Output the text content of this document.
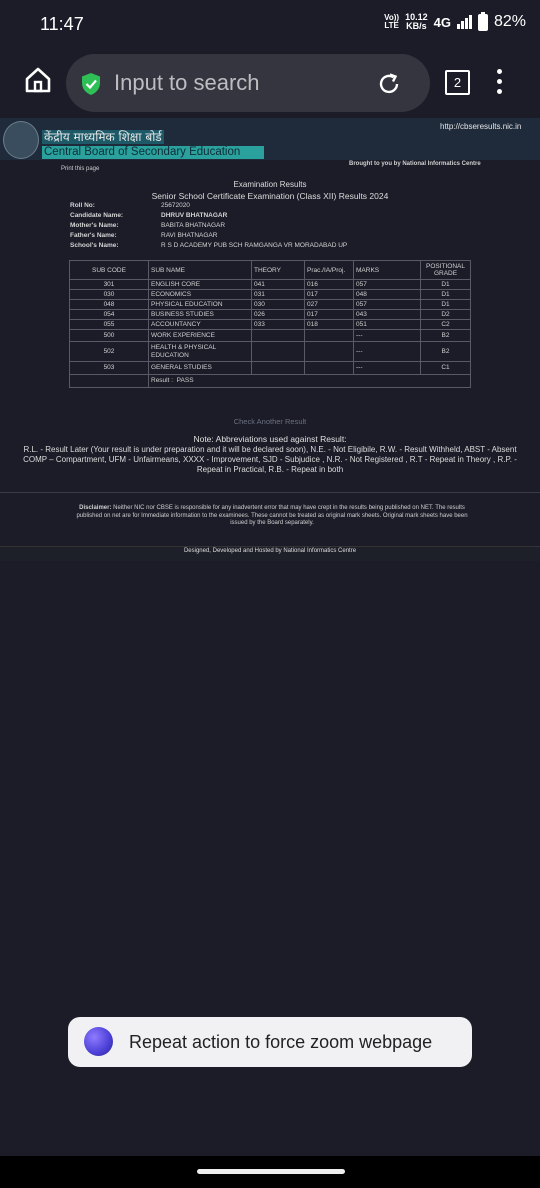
11:47	Vo))
LTE
10.12
KB/s 4G	82%
Input to search
2
केंद्रीय माध्यमिक शिक्षा बोर्ड
Central Board of Secondary Education
http://cbseresults.nic.in
Print this page
Brought to you by National Informatics Centre
Examination Results
Senior School Certificate Examination (Class XII) Results 2024
Roll No:	25672020
Candidate Name:	DHRUV BHATNAGAR
Mother's Name:	BABITA BHATNAGAR
Father's Name:	RAVI BHATNAGAR
School's Name:	R S D ACADEMY PUB SCH RAMGANGA VR MORADABAD UP
SUB CODE	SUB NAME	THEORY	Prac./IA/Proj.	MARKS	POSITIONAL GRADE
301	ENGLISH CORE	041	016	057	D1
030	ECONOMICS	031	017	048	D1
048	PHYSICAL EDUCATION	030	027	057	D1
054	BUSINESS STUDIES	026	017	043	D2
055	ACCOUNTANCY	033	018	051	C2
500	WORK EXPERIENCE			---	B2
502	HEALTH & PHYSICAL EDUCATION			---	B2
503	GENERAL STUDIES			---	C1
	Result : PASS				
Check Another Result
Note: Abbreviations used against Result:
R.L. - Result Later (Your result is under preparation and it will be declared soon), N.E. - Not Eligibile, R.W. - Result Withheld, ABST - Absent
COMP – Compartment, UFM - Unfairmeans, XXXX - Improvement, SJD - Subjudice , N.R. - Not Registered , R.T - Repeat in Theory , R.P. -
Repeat in Practical, R.B. - Repeat in both
Disclaimer: Neither NIC nor CBSE is responsible for any inadvertent error that may have crept in the results being published on NET. The results published on net are for Immediate information to the examinees. These cannot be treated as original mark sheets. Original mark sheets have been issued by the Board separately.
Designed, Developed and Hosted by National Informatics Centre
Repeat action to force zoom webpage
